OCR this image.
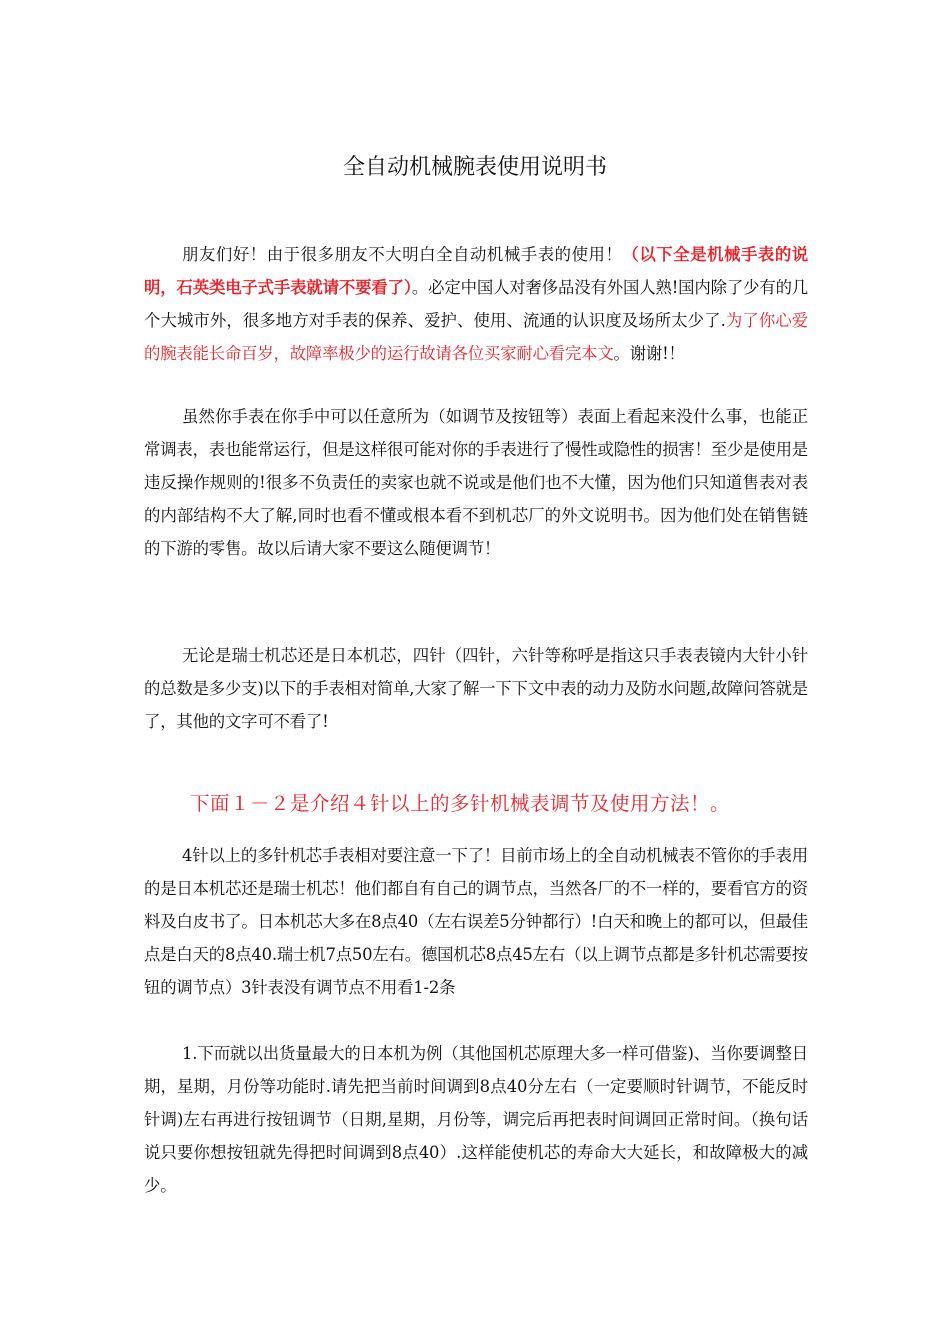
全自动机械腕表使用说明书

朋友们好！由于很多朋友不大明白全自动机械手表的使用！（以下全是机械手表的说明，石英类电子式手表就请不要看了）。必定中国人对奢侈品没有外国人熟!国内除了少有的几个大城市外，很多地方对手表的保养、爱护、使用、流通的认识度及场所太少了.为了你心爱的腕表能长命百岁，故障率极少的运行故请各位买家耐心看完本文。谢谢!！

虽然你手表在你手中可以任意所为（如调节及按钮等）表面上看起来没什么事，也能正常调表，表也能常运行，但是这样很可能对你的手表进行了慢性或隐性的损害！至少是使用是违反操作规则的!很多不负责任的卖家也就不说或是他们也不大懂，因为他们只知道售表对表的内部结构不大了解,同时也看不懂或根本看不到机芯厂的外文说明书。因为他们处在销售链的下游的零售。故以后请大家不要这么随便调节！

无论是瑞士机芯还是日本机芯，四针（四针，六针等称呼是指这只手表表镜内大针小针的总数是多少支)以下的手表相对简单,大家了解一下下文中表的动力及防水问题,故障问答就是了，其他的文字可不看了!

下面１－２是介绍４针以上的多针机械表调节及使用方法！。

4针以上的多针机芯手表相对要注意一下了！目前市场上的全自动机械表不管你的手表用的是日本机芯还是瑞士机芯！他们都自有自己的调节点，当然各厂的不一样的，要看官方的资料及白皮书了。日本机芯大多在8点40（左右误差5分钟都行）!白天和晚上的都可以，但最佳点是白天的8点40.瑞士机7点50左右。德国机芯8点45左右（以上调节点都是多针机芯需要按钮的调节点）3针表没有调节点不用看1-2条

1.下而就以出货量最大的日本机为例（其他国机芯原理大多一样可借鉴)、当你要调整日期，星期，月份等功能时.请先把当前时间调到8点40分左右（一定要顺时针调节，不能反时针调)左右再进行按钮调节（日期,星期，月份等，调完后再把表时间调回正常时间。（换句话说只要你想按钮就先得把时间调到8点40）.这样能使机芯的寿命大大延长，和故障极大的减少。
